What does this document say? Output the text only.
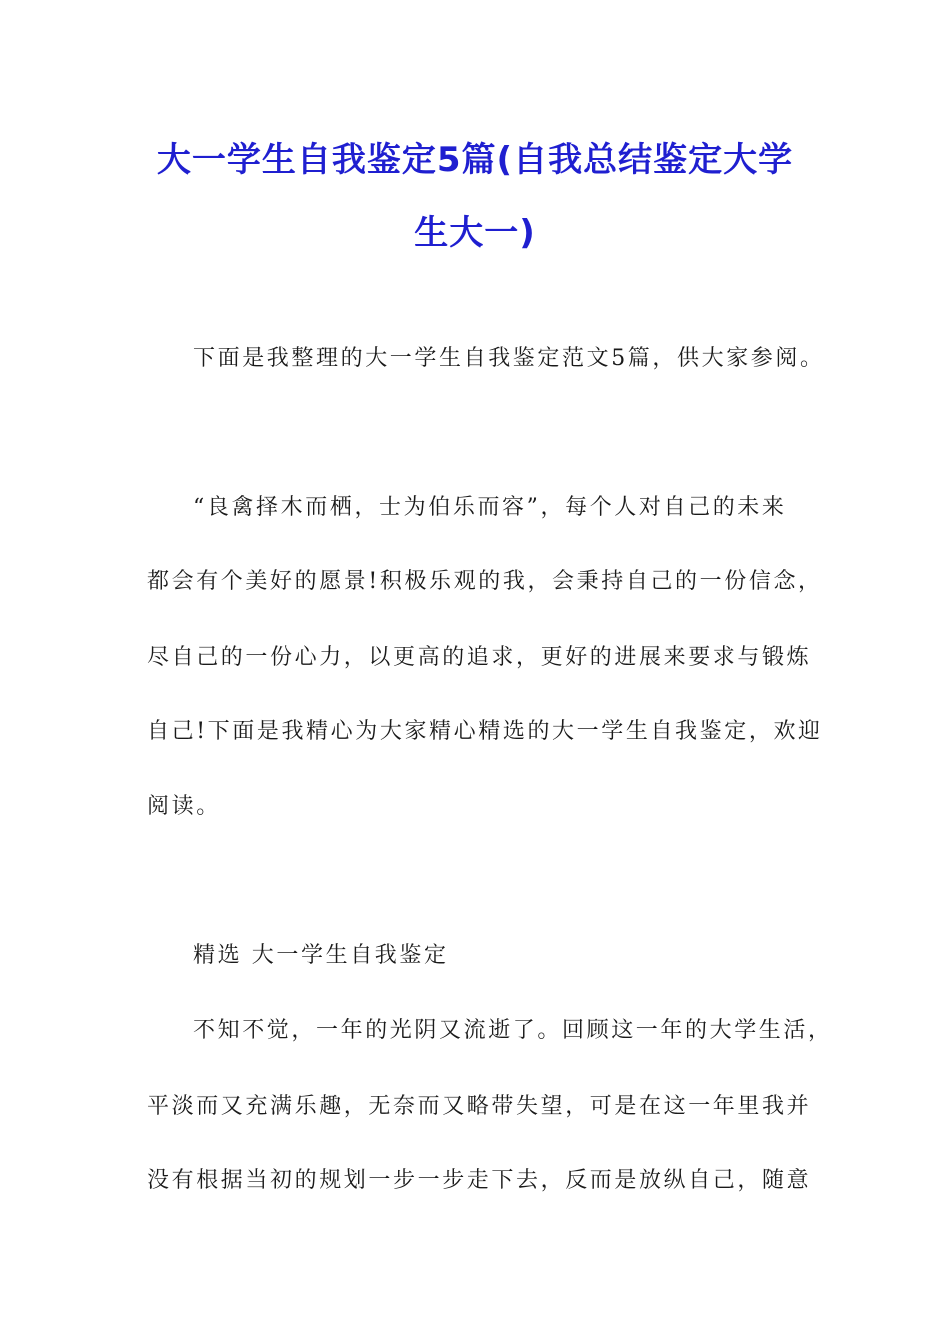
大一学生自我鉴定5篇(自我总结鉴定大学
生大一)
下面是我整理的大一学生自我鉴定范文5篇，供大家参阅。
“良禽择木而栖，士为伯乐而容”，每个人对自己的未来
都会有个美好的愿景!积极乐观的我，会秉持自己的一份信念，
尽自己的一份心力，以更高的追求，更好的进展来要求与锻炼
自己!下面是我精心为大家精心精选的大一学生自我鉴定，欢迎
阅读。
精选 大一学生自我鉴定
不知不觉，一年的光阴又流逝了。回顾这一年的大学生活，
平淡而又充满乐趣，无奈而又略带失望，可是在这一年里我并
没有根据当初的规划一步一步走下去，反而是放纵自己，随意
